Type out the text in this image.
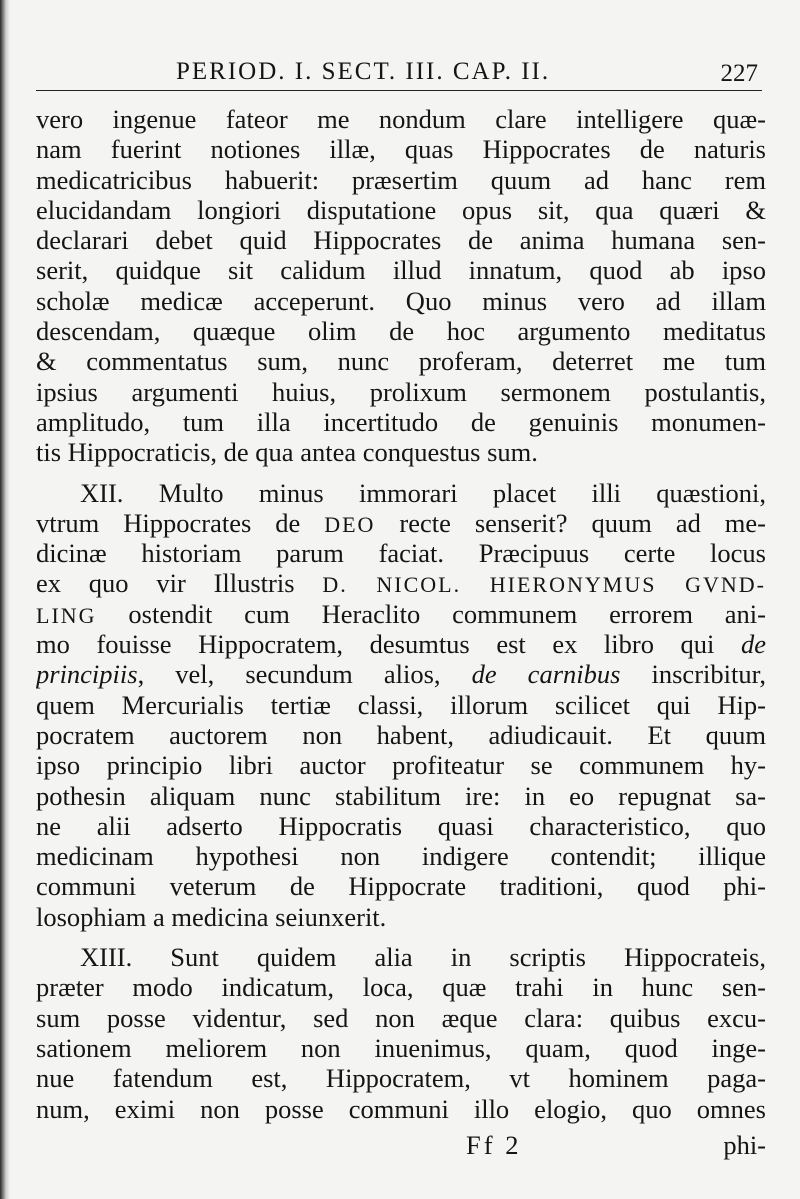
PERIOD. I. SECT. III. CAP. II.	227
vero ingenue fateor me nondum clare intelligere quæ-
nam fuerint notiones illæ, quas Hippocrates de naturis
medicatricibus habuerit: præsertim quum ad hanc rem
elucidandam longiori disputatione opus sit, qua quæri &
declarari debet quid Hippocrates de anima humana sen-
serit, quidque sit calidum illud innatum, quod ab ipso
scholæ medicæ acceperunt. Quo minus vero ad illam
descendam, quæque olim de hoc argumento meditatus
& commentatus sum, nunc proferam, deterret me tum
ipsius argumenti huius, prolixum sermonem postulantis,
amplitudo, tum illa incertitudo de genuinis monumen-
tis Hippocraticis, de qua antea conquestus sum.
XII. Multo minus immorari placet illi quæstioni,
vtrum Hippocrates de DEO recte senserit? quum ad me-
dicinæ historiam parum faciat. Præcipuus certe locus
ex quo vir Illustris D. NICOL. HIERONYMUS GVND-
LING ostendit cum Heraclito communem errorem ani-
mo fouisse Hippocratem, desumtus est ex libro qui de
principiis, vel, secundum alios, de carnibus inscribitur,
quem Mercurialis tertiæ classi, illorum scilicet qui Hip-
pocratem auctorem non habent, adiudicauit. Et quum
ipso principio libri auctor profiteatur se communem hy-
pothesin aliquam nunc stabilitum ire: in eo repugnat sa-
ne alii adserto Hippocratis quasi characteristico, quo
medicinam hypothesi non indigere contendit; illique
communi veterum de Hippocrate traditioni, quod phi-
losophiam a medicina seiunxerit.
XIII. Sunt quidem alia in scriptis Hippocrateis,
præter modo indicatum, loca, quæ trahi in hunc sen-
sum posse videntur, sed non æque clara: quibus excu-
sationem meliorem non inuenimus, quam, quod inge-
nue fatendum est, Hippocratem, vt hominem paga-
num, eximi non posse communi illo elogio, quo omnes
Ff 2	phi-
